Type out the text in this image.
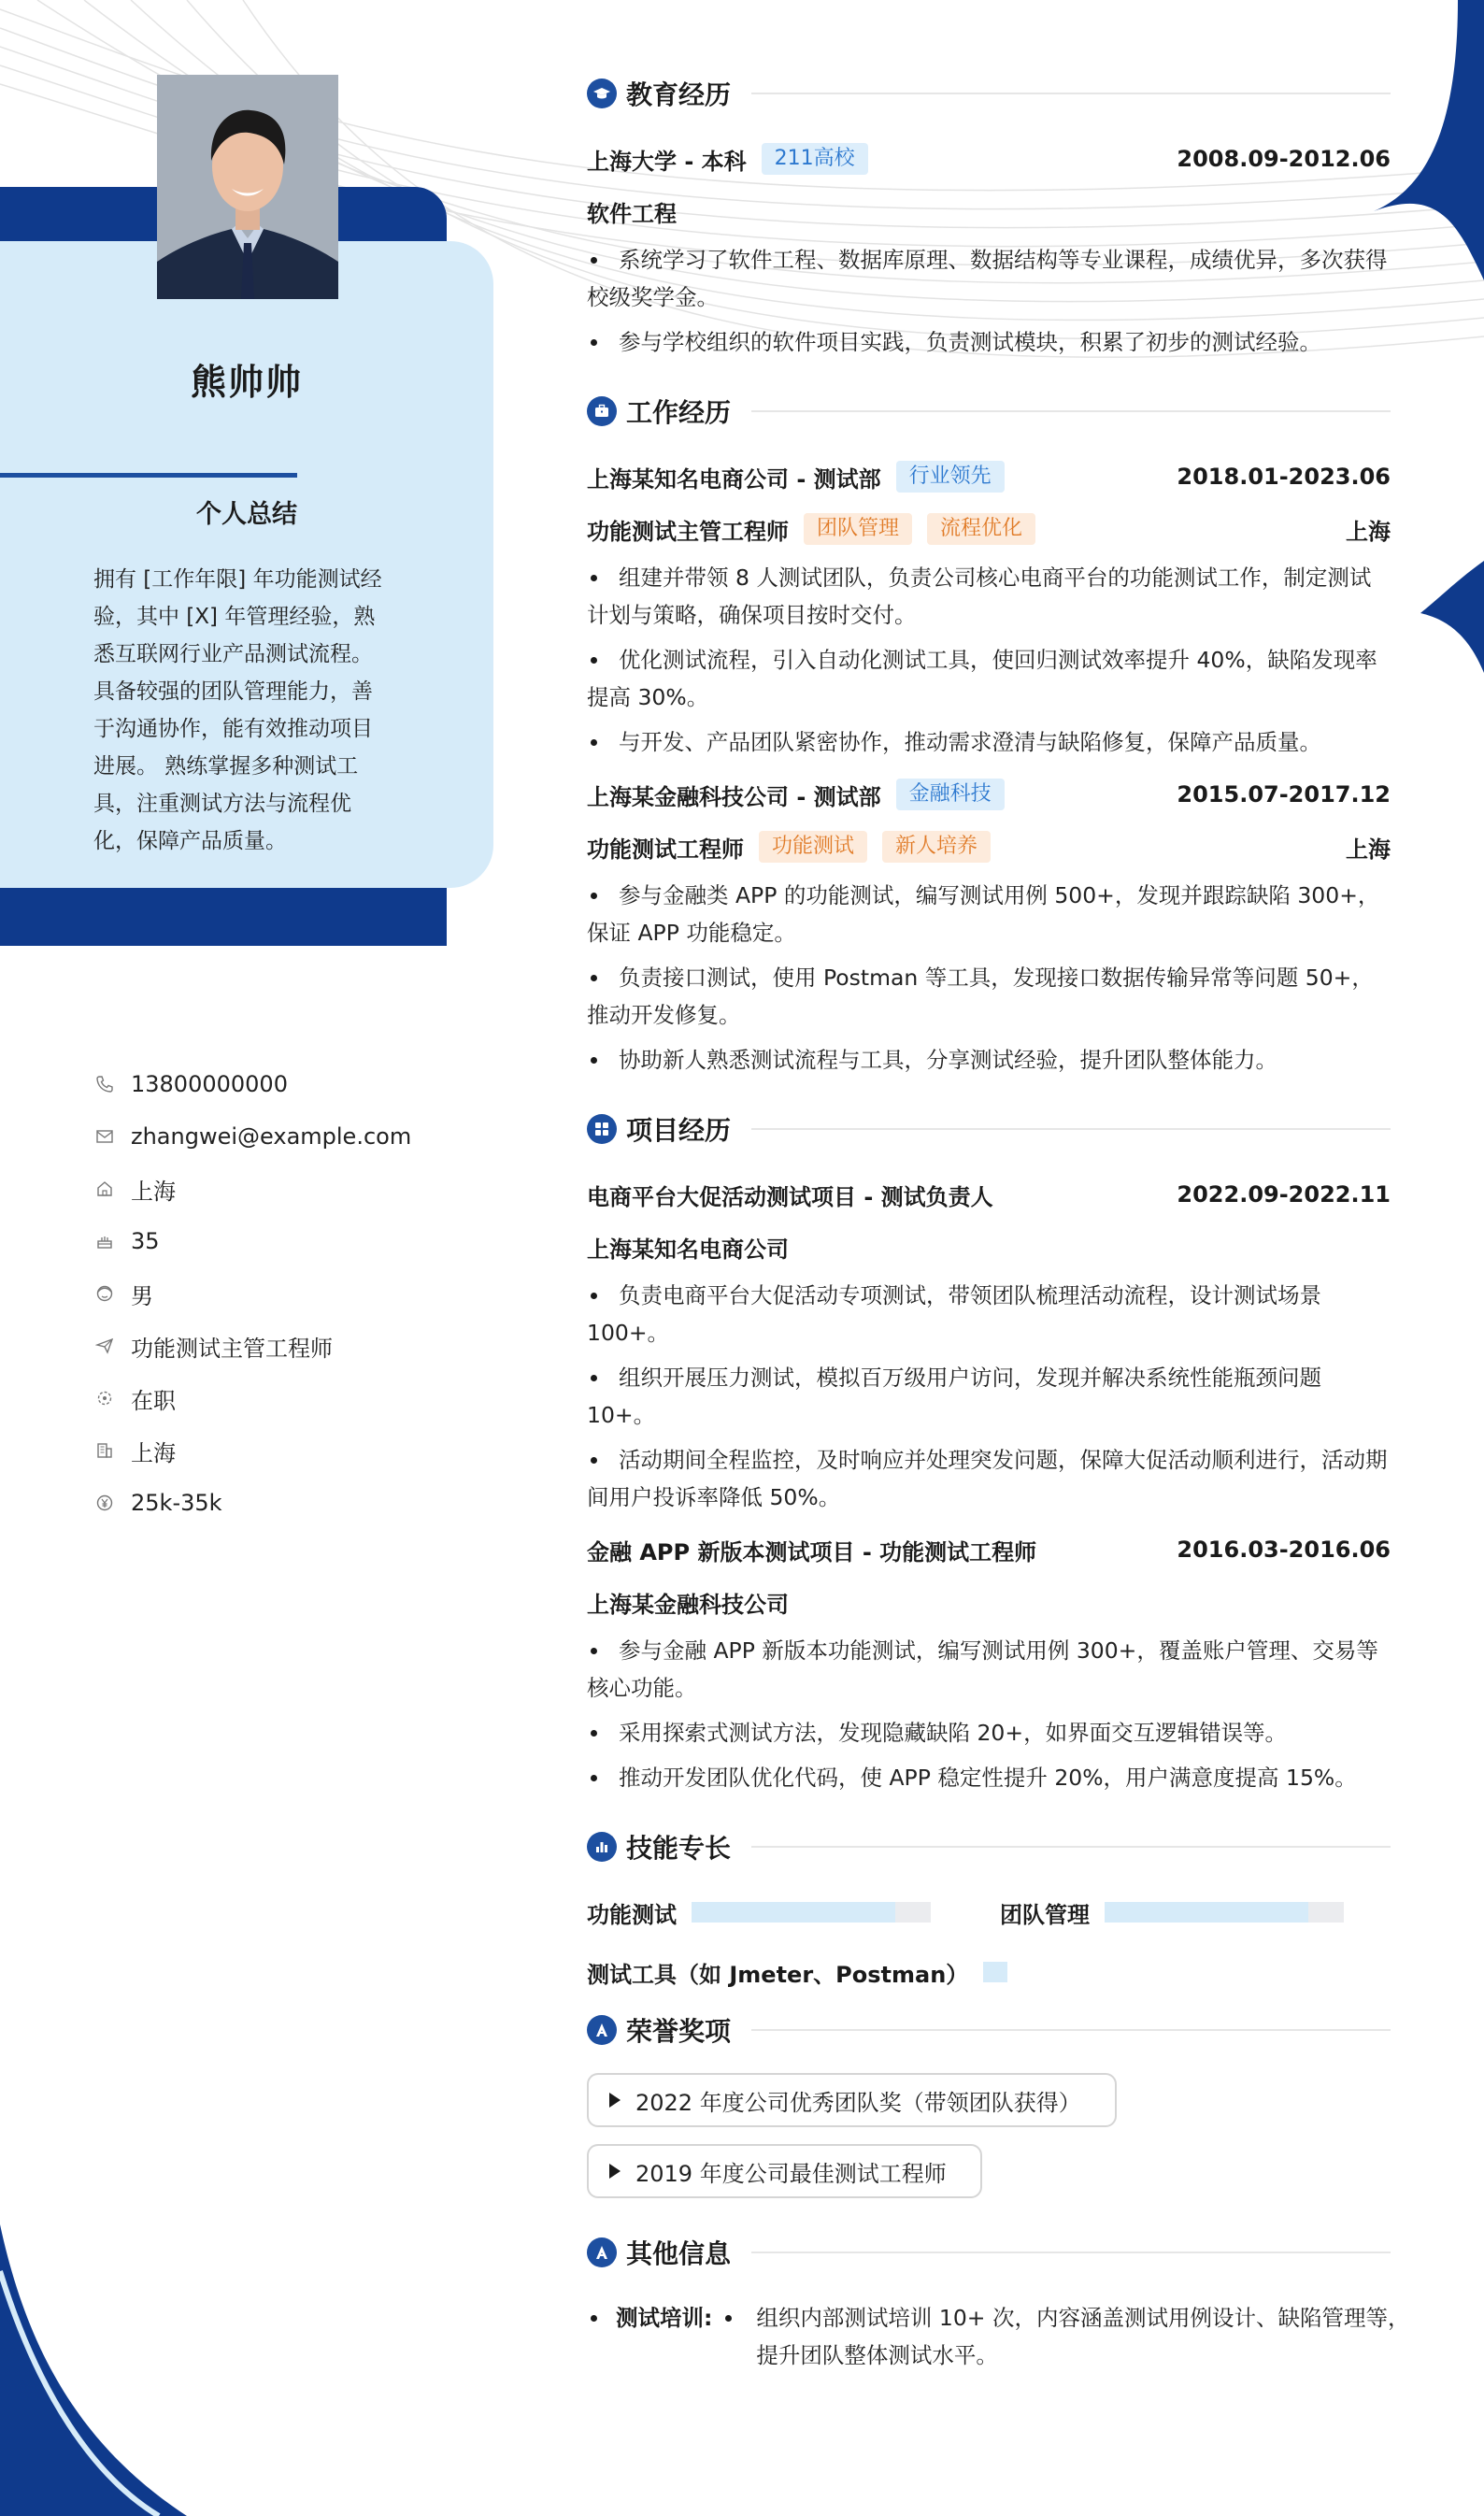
熊帅帅
个人总结
拥有 [工作年限] 年功能测试经验，其中 [X] 年管理经验，熟悉互联网行业产品测试流程。具备较强的团队管理能力，善于沟通协作，能有效推动项目进展。 熟练掌握多种测试工具，注重测试方法与流程优化，保障产品质量。
13800000000
zhangwei@example.com
上海
35
男
功能测试主管工程师
在职
上海
25k-35k
教育经历
上海大学 - 本科	211高校	2008.09-2012.06
软件工程
系统学习了软件工程、数据库原理、数据结构等专业课程，成绩优异，多次获得校级奖学金。
参与学校组织的软件项目实践，负责测试模块，积累了初步的测试经验。
工作经历
上海某知名电商公司 - 测试部	行业领先	2018.01-2023.06
功能测试主管工程师	团队管理	流程优化	上海
组建并带领 8 人测试团队，负责公司核心电商平台的功能测试工作，制定测试计划与策略，确保项目按时交付。
优化测试流程，引入自动化测试工具，使回归测试效率提升 40%，缺陷发现率提高 30%。
与开发、产品团队紧密协作，推动需求澄清与缺陷修复，保障产品质量。
上海某金融科技公司 - 测试部	金融科技	2015.07-2017.12
功能测试工程师	功能测试	新人培养	上海
参与金融类 APP 的功能测试，编写测试用例 500+，发现并跟踪缺陷 300+，保证 APP 功能稳定。
负责接口测试，使用 Postman 等工具，发现接口数据传输异常等问题 50+，推动开发修复。
协助新人熟悉测试流程与工具，分享测试经验，提升团队整体能力。
项目经历
电商平台大促活动测试项目 - 测试负责人	2022.09-2022.11
上海某知名电商公司
负责电商平台大促活动专项测试，带领团队梳理活动流程，设计测试场景 100+。
组织开展压力测试，模拟百万级用户访问，发现并解决系统性能瓶颈问题 10+。
活动期间全程监控，及时响应并处理突发问题，保障大促活动顺利进行，活动期间用户投诉率降低 50%。
金融 APP 新版本测试项目 - 功能测试工程师	2016.03-2016.06
上海某金融科技公司
参与金融 APP 新版本功能测试，编写测试用例 300+，覆盖账户管理、交易等核心功能。
采用探索式测试方法，发现隐藏缺陷 20+，如界面交互逻辑错误等。
推动开发团队优化代码，使 APP 稳定性提升 20%，用户满意度提高 15%。
技能专长
功能测试	团队管理
测试工具（如 Jmeter、Postman）
荣誉奖项
2022 年度公司优秀团队奖（带领团队获得）

2019 年度公司最佳测试工程师
其他信息
测试培训: 组织内部测试培训 10+ 次，内容涵盖测试用例设计、缺陷管理等，提升团队整体测试水平。
